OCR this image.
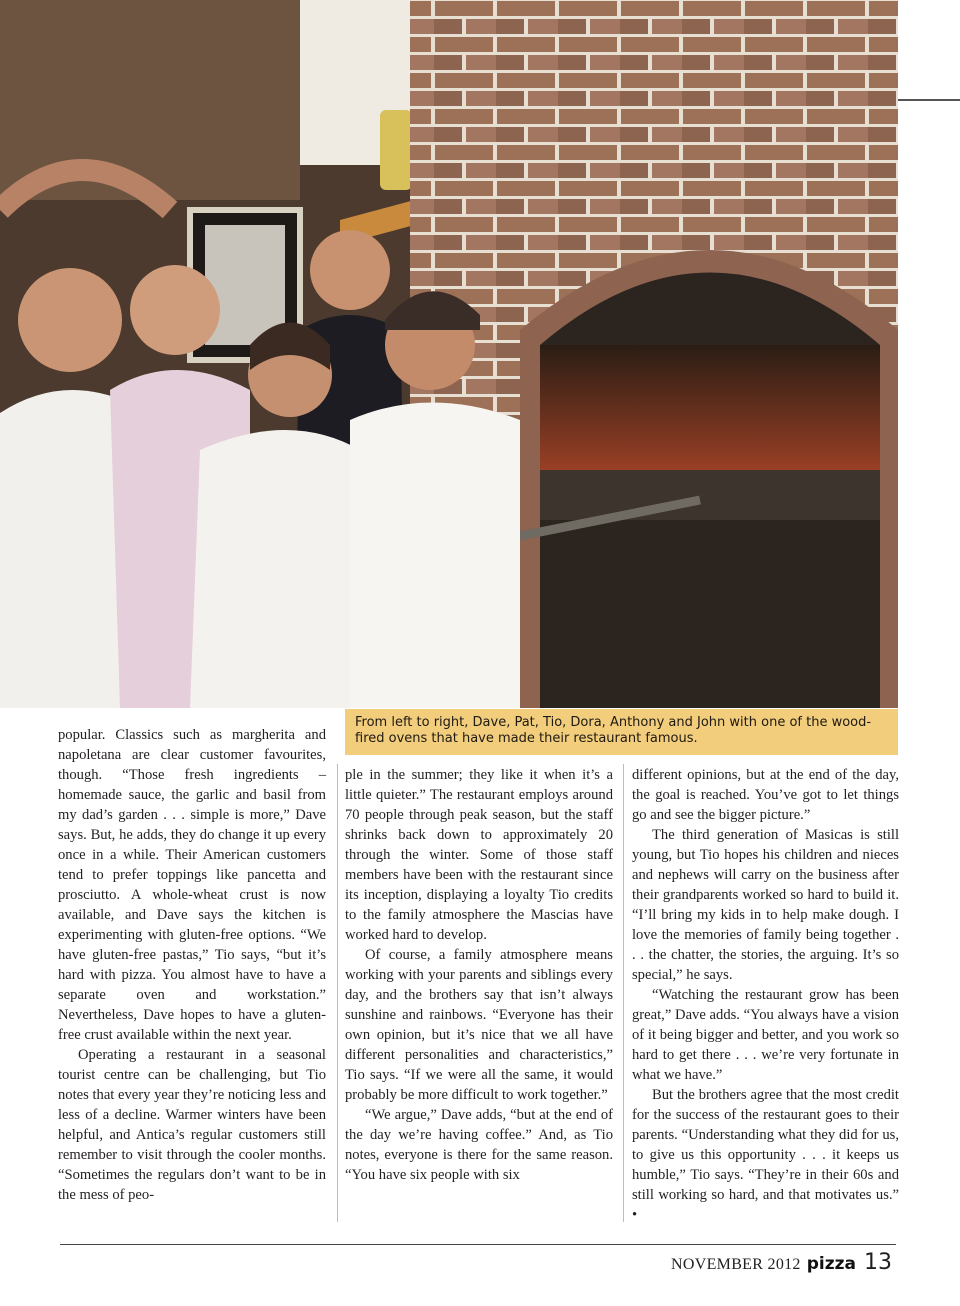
From left to right, Dave, Pat, Tio, Dora, Anthony and John with one of the wood-fired ovens that have made their restaurant famous.

popular. Classics such as margherita and napoletana are clear customer favourites, though. “Those fresh ingredients – homemade sauce, the garlic and basil from my dad’s garden . . . simple is more,” Dave says. But, he adds, they do change it up every once in a while. Their American customers tend to prefer toppings like pancetta and prosciutto. A whole-wheat crust is now available, and Dave says the kitchen is experimenting with gluten-free options. “We have gluten-free pastas,” Tio says, “but it’s hard with pizza. You almost have to have a separate oven and workstation.” Nevertheless, Dave hopes to have a gluten-free crust available within the next year.

Operating a restaurant in a seasonal tourist centre can be challenging, but Tio notes that every year they’re noticing less and less of a decline. Warmer winters have been helpful, and Antica’s regular customers still remember to visit through the cooler months. “Sometimes the regulars don’t want to be in the mess of peo-

ple in the summer; they like it when it’s a little quieter.” The restaurant employs around 70 people through peak season, but the staff shrinks back down to approximately 20 through the winter. Some of those staff members have been with the restaurant since its inception, displaying a loyalty Tio credits to the family atmosphere the Mascias have worked hard to develop.

Of course, a family atmosphere means working with your parents and siblings every day, and the brothers say that isn’t always sunshine and rainbows. “Everyone has their own opinion, but it’s nice that we all have different personalities and characteristics,” Tio says. “If we were all the same, it would probably be more difficult to work together.”

“We argue,” Dave adds, “but at the end of the day we’re having coffee.” And, as Tio notes, everyone is there for the same reason. “You have six people with six

different opinions, but at the end of the day, the goal is reached. You’ve got to let things go and see the bigger picture.”

The third generation of Masicas is still young, but Tio hopes his children and nieces and nephews will carry on the business after their grandparents worked so hard to build it. “I’ll bring my kids in to help make dough. I love the memories of family being together . . . the chatter, the stories, the arguing. It’s so special,” he says.

“Watching the restaurant grow has been great,” Dave adds. “You always have a vision of it being bigger and better, and you work so hard to get there . . . we’re very fortunate in what we have.”

But the brothers agree that the most credit for the success of the restaurant goes to their parents. “Understanding what they did for us, to give us this opportunity . . . it keeps us humble,” Tio says. “They’re in their 60s and still working so hard, and that motivates us.” •

NOVEMBER 2012 pizza 13
